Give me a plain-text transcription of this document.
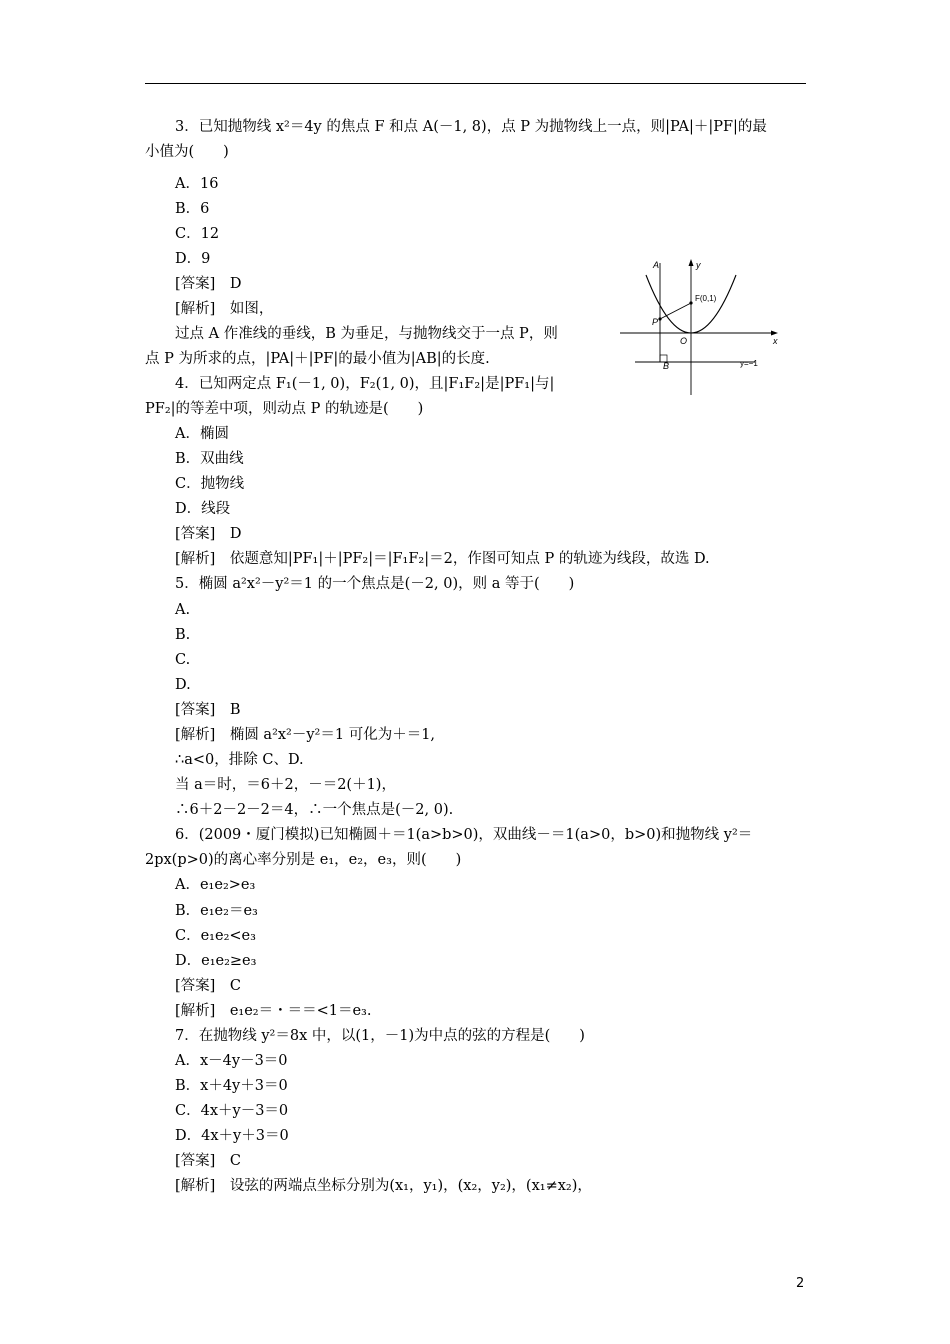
3．已知抛物线 x²＝4y 的焦点 F 和点 A(－1, 8)，点 P 为抛物线上一点，则|PA|＋|PF|的最
小值为(　　)
A．16
B．6
C．12
D．9
[答案]　D
[解析]　如图，
过点 A 作准线的垂线，B 为垂足，与抛物线交于一点 P，则
点 P 为所求的点，|PA|＋|PF|的最小值为|AB|的长度.
4．已知两定点 F₁(－1, 0)，F₂(1, 0)，且|F₁F₂|是|PF₁|与|
PF₂|的等差中项，则动点 P 的轨迹是(　　)
A．椭圆
B．双曲线
C．抛物线
D．线段
[答案]　D
[解析]　依题意知|PF₁|＋|PF₂|＝|F₁F₂|＝2，作图可知点 P 的轨迹为线段，故选 D.
5．椭圆 a²x²－y²＝1 的一个焦点是(－2, 0)，则 a 等于(　　)
A.
B.
C.
D.
[答案]　B
[解析]　椭圆 a²x²－y²＝1 可化为＋＝1,
∴a<0，排除 C、D.
当 a＝时，＝6＋2，－＝2(＋1)，
∴6＋2－2－2＝4，∴一个焦点是(－2, 0).
6．(2009・厦门模拟)已知椭圆＋＝1(a>b>0)，双曲线－＝1(a>0，b>0)和抛物线 y²＝
2px(p>0)的离心率分别是 e₁，e₂，e₃，则(　　)
A．e₁e₂>e₃
B．e₁e₂＝e₃
C．e₁e₂<e₃
D．e₁e₂≥e₃
[答案]　C
[解析]　e₁e₂＝・＝＝<1＝e₃.
7．在抛物线 y²＝8x 中，以(1，－1)为中点的弦的方程是(　　)
A．x－4y－3＝0
B．x＋4y＋3＝0
C．4x＋y－3＝0
D．4x＋y＋3＝0
[答案]　C
[解析]　设弦的两端点坐标分别为(x₁，y₁)，(x₂，y₂)，(x₁≠x₂)，
A	y
F(0,1)
P
O	x
B	y=−1
2
